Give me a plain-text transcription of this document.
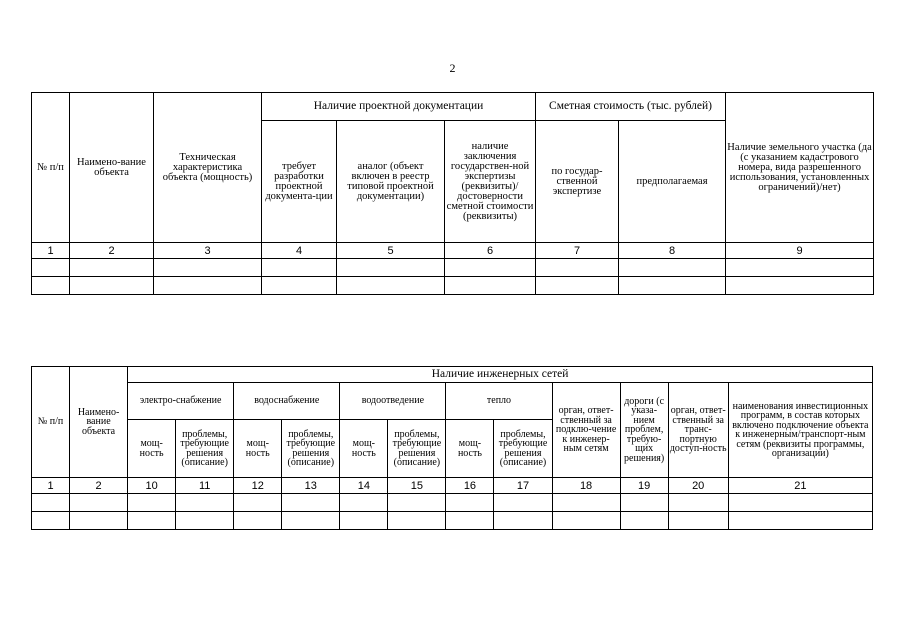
2
№ п/п	Наимено-вание объекта	Техническая характеристика объекта (мощность)	Наличие проектной документации			Сметная стоимость (тыс. рублей)		Наличие земельного участка (да (с указанием кадастрового номера, вида разрешенного использования, установленных ограничений)/нет)
			требует разработки проектной документа-ции	аналог (объект включен в реестр типовой проектной документации)	наличие заключения государствен-ной экспертизы (реквизиты)/ достоверности сметной стоимости (реквизиты)	по государ-ственной экспертизе	предполагаемая	
1	2	3	4	5	6	7	8	9

№ п/п	Наимено-вание объекта	Наличие инженерных сетей											
		электро-снабжение		водоснабжение		водоотведение		тепло		орган, ответ-ственный за подклю-чение к инженер-ным сетям	дороги (с указа-нием проблем, требую-щих решения)	орган, ответ-ственный за транс-портную доступ-ность	наименования инвестиционных программ, в состав которых включено подключение объекта к инженерным/транспорт-ным сетям (реквизиты программы, организации)
		мощ-ность	проблемы, требующие решения (описание)	мощ-ность	проблемы, требующие решения (описание)	мощ-ность	проблемы, требующие решения (описание)	мощ-ность	проблемы, требующие решения (описание)				
1	2	10	11	12	13	14	15	16	17	18	19	20	21
